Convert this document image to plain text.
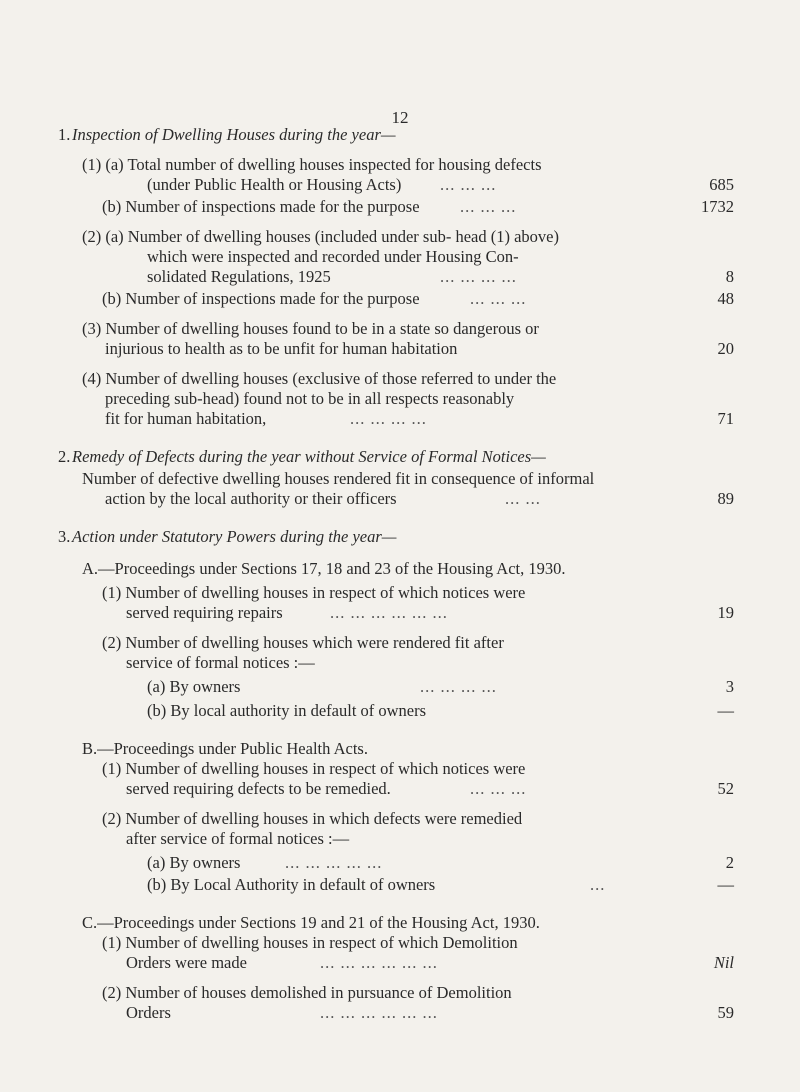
12
1. Inspection of Dwelling Houses during the year—
(1) (a) Total number of dwelling houses inspected for housing defects
(under Public Health or Housing Acts) ... ... ...	685
(b) Number of inspections made for the purpose ... ... ...	1732
(2) (a) Number of dwelling houses (included under sub- head (1) above)
which were inspected and recorded under Housing Con-
solidated Regulations, 1925	... ... ... ...	8
(b) Number of inspections made for the purpose	... ... ...	48
(3) Number of dwelling houses found to be in a state so dangerous or
injurious to health as to be unfit for human habitation	20
(4) Number of dwelling houses (exclusive of those referred to under the
preceding sub-head) found not to be in all respects reasonably
fit for human habitation,	... ... ... ...	71
2. Remedy of Defects during the year without Service of Formal Notices—
Number of defective dwelling houses rendered fit in consequence of informal
action by the local authority or their officers	... ...	89
3. Action under Statutory Powers during the year—
A.—Proceedings under Sections 17, 18 and 23 of the Housing Act, 1930.
(1) Number of dwelling houses in respect of which notices were
served requiring repairs	... ... ... ... ... ...	19
(2) Number of dwelling houses which were rendered fit after
service of formal notices :—
(a) By owners	... ... ... ...	3
(b) By local authority in default of owners	—
B.—Proceedings under Public Health Acts.
(1) Number of dwelling houses in respect of which notices were
served requiring defects to be remedied.	... ... ...	52
(2) Number of dwelling houses in which defects were remedied
after service of formal notices :—
(a) By owners	... ... ... ... ...	2
(b) By Local Authority in default of owners	...	—
C.—Proceedings under Sections 19 and 21 of the Housing Act, 1930.
(1) Number of dwelling houses in respect of which Demolition
Orders were made	... ... ... ... ... ...	Nil
(2) Number of houses demolished in pursuance of Demolition
Orders	... ... ... ... ... ...	59
